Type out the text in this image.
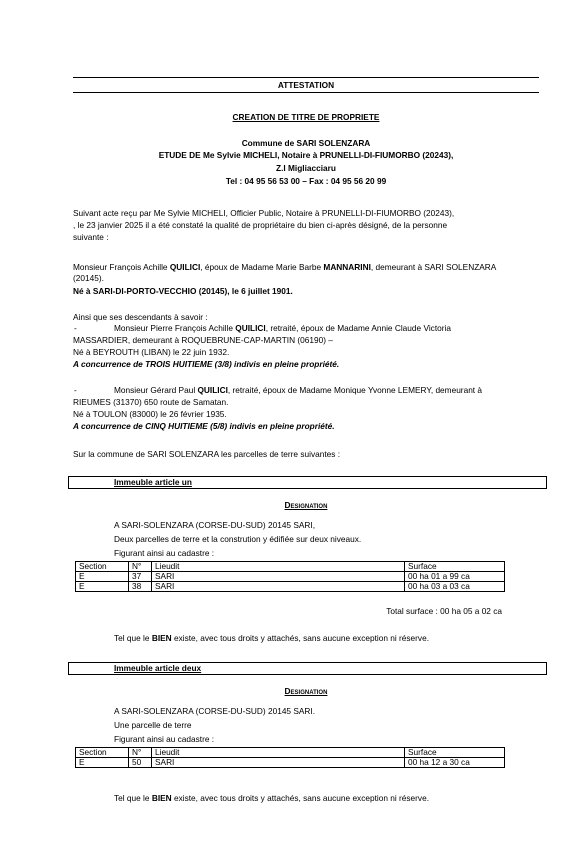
ATTESTATION
CREATION DE TITRE DE PROPRIETE
Commune de SARI SOLENZARA
ETUDE DE Me Sylvie MICHELI, Notaire à PRUNELLI-DI-FIUMORBO (20243),
Z.I Migliacciaru
Tel : 04 95 56 53 00 – Fax : 04 95 56 20 99
Suivant acte reçu par Me Sylvie MICHELI, Officier Public, Notaire à PRUNELLI-DI-FIUMORBO (20243),
, le 23 janvier 2025 il a été constaté la qualité de propriétaire du bien ci-après désigné, de la personne
suivante :
Monsieur François Achille QUILICI, époux de Madame Marie Barbe MANNARINI, demeurant à SARI SOLENZARA
(20145).
Né à SARI-DI-PORTO-VECCHIO (20145), le 6 juillet 1901.
Ainsi que ses descendants à savoir :
-	Monsieur Pierre François Achille QUILICI , retraité, époux de Madame Annie Claude Victoria
MASSARDIER, demeurant à ROQUEBRUNE-CAP-MARTIN (06190) –
Né à BEYROUTH (LIBAN) le 22 juin 1932.
A concurrence de TROIS HUITIEME (3/8) indivis en pleine propriété.
-	Monsieur Gérard Paul QUILICI, retraité, époux de Madame Monique Yvonne LEMERY, demeurant à
RIEUMES (31370) 650 route de Samatan.
Né à TOULON (83000) le 26 février 1935.
A concurrence de CINQ HUITIEME (5/8) indivis en pleine propriété.
Sur la commune de SARI SOLENZARA les parcelles de terre suivantes :
Immeuble article un
Designation
A SARI-SOLENZARA (CORSE-DU-SUD) 20145 SARI,
Deux parcelles de terre et la constrution y édifiée sur deux niveaux.
Figurant ainsi au cadastre :
Section	N°	Lieudit	Surface
E	37	SARI	00 ha 01 a 99 ca
E	38	SARI	00 ha 03 a 03 ca
Total surface : 00 ha 05 a 02 ca
Tel que le BIEN existe, avec tous droits y attachés, sans aucune exception ni réserve.
Immeuble article deux
Designation
A SARI-SOLENZARA (CORSE-DU-SUD) 20145 SARI.
Une parcelle de terre
Figurant ainsi au cadastre :
Section	N°	Lieudit	Surface
E	50	SARI	00 ha 12 a 30 ca
Tel que le BIEN existe, avec tous droits y attachés, sans aucune exception ni réserve.
